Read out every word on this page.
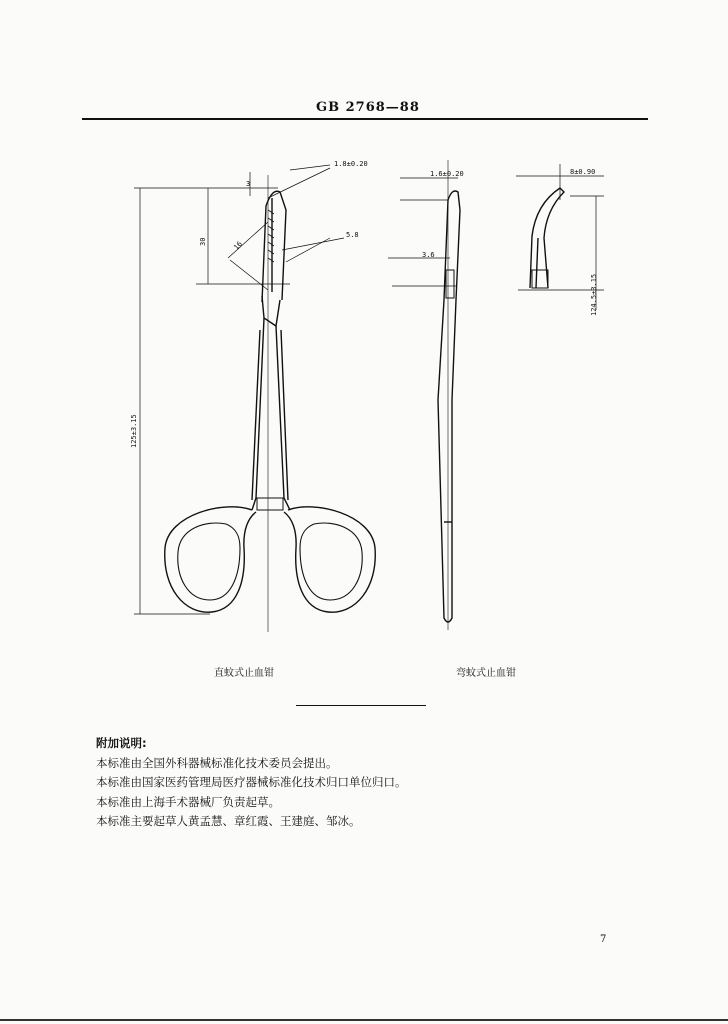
GB 2768—88
1.8±0.20
3
30	16
5.8
125±3.15
1.6±0.20
3.6
8±0.90
124.5±3.15
直蚊式止血钳	弯蚊式止血钳
附加说明:
本标准由全国外科器械标准化技术委员会提出。
本标准由国家医药管理局医疗器械标准化技术归口单位归口。
本标准由上海手术器械厂负责起草。
本标准主要起草人黄孟慧、章红霞、王建庭、邹冰。
7
